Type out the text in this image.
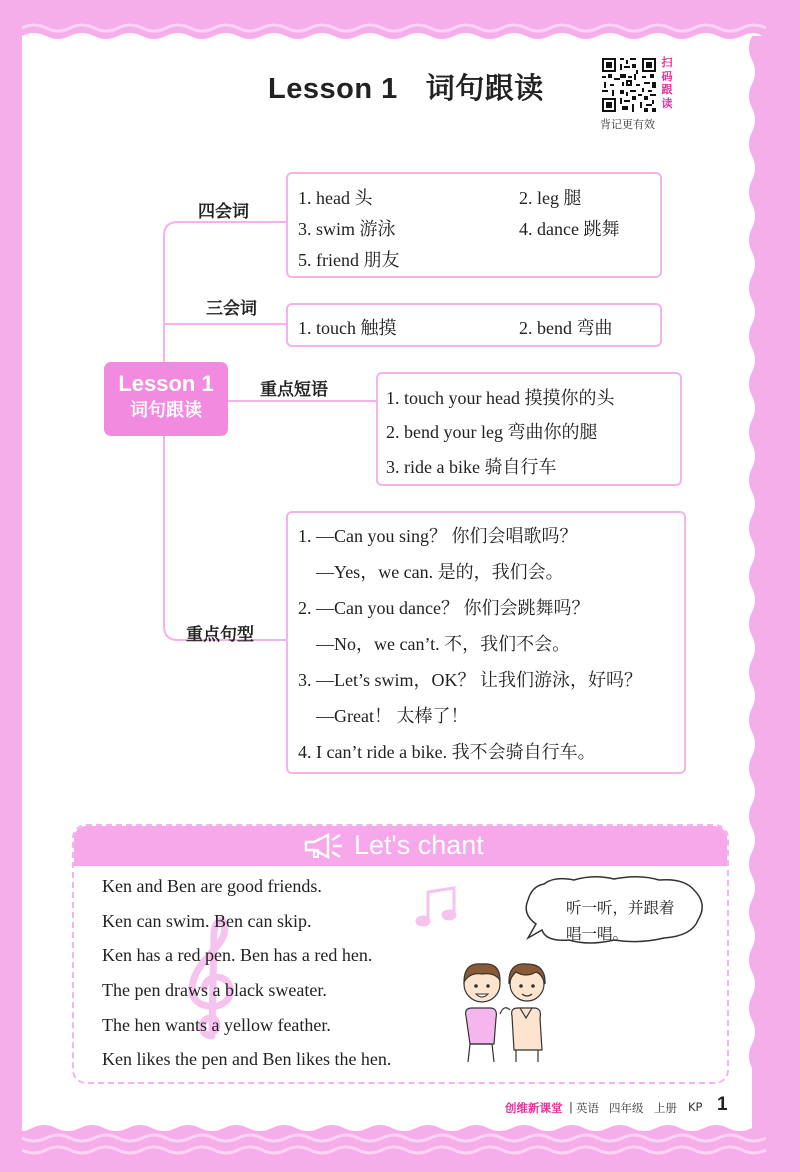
Lesson 1 词句跟读
扫
码
跟
读
背记更有效
Lesson 1
词句跟读
四会词
三会词
重点短语
重点句型
1. head 头	2. leg 腿
3. swim 游泳	4. dance 跳舞
5. friend 朋友
1. touch 触摸	2. bend 弯曲
1. touch your head 摸摸你的头
2. bend your leg 弯曲你的腿
3. ride a bike 骑自行车
1. —Can you sing？ 你们会唱歌吗？
—Yes，we can. 是的，我们会。
2. —Can you dance？ 你们会跳舞吗？
—No，we can’t. 不，我们不会。
3. —Let’s swim，OK？ 让我们游泳，好吗？
—Great！ 太棒了！
4. I can’t ride a bike. 我不会骑自行车。
Let's chant
Ken and Ben are good friends.
Ken can swim. Ben can skip.
Ken has a red pen. Ben has a red hen.
The pen draws a black sweater.
The hen wants a yellow feather.
Ken likes the pen and Ben likes the hen.
听一听，并跟着
唱一唱。
创维新课堂 | 英语 四年级 上册 KP 1
